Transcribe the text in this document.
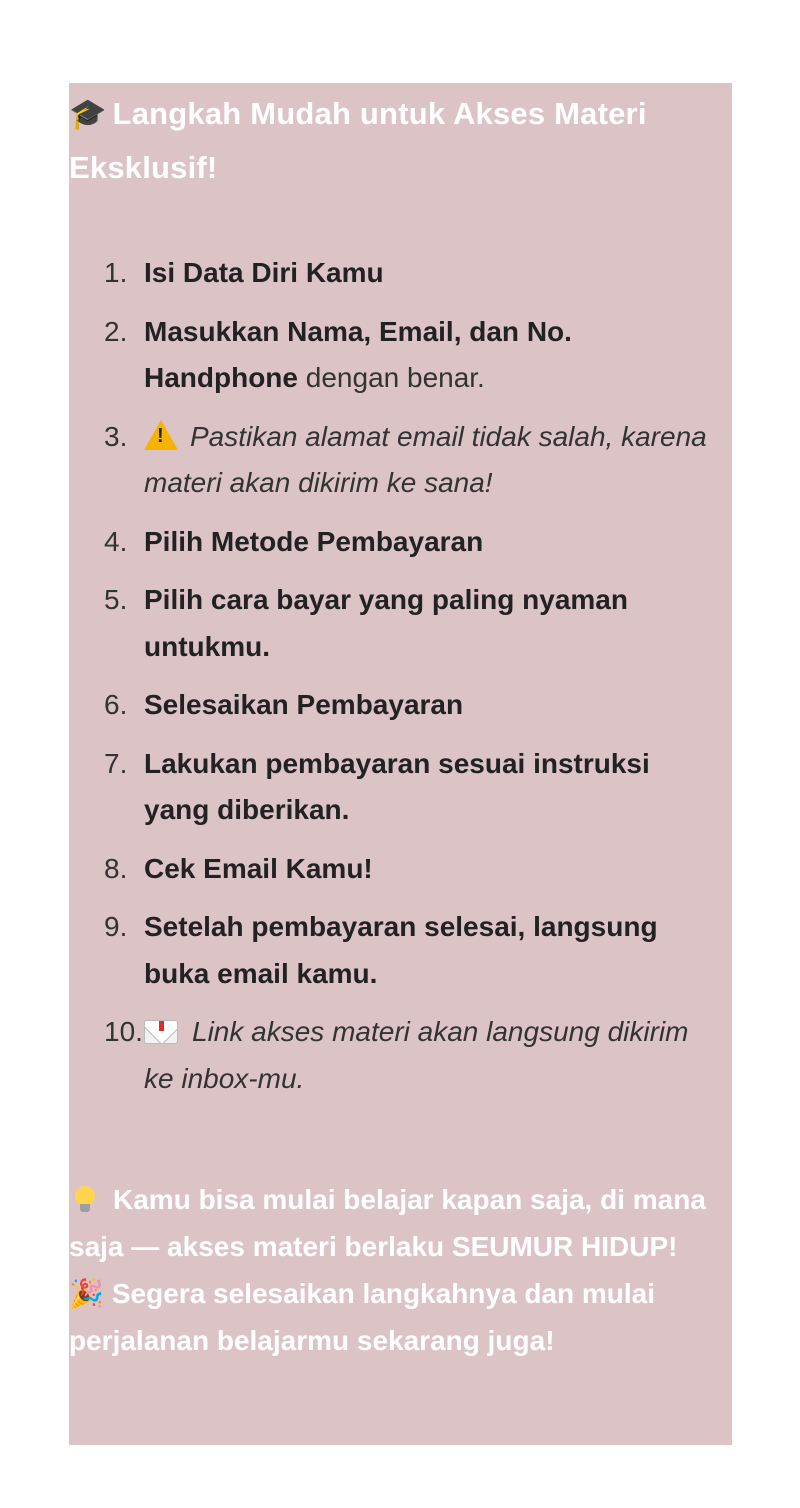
🎓 Langkah Mudah untuk Akses Materi Eksklusif!
1. Isi Data Diri Kamu
2. Masukkan Nama, Email, dan No. Handphone dengan benar.
3.
! Pastikan alamat email tidak salah, karena materi akan dikirim ke sana!
4. Pilih Metode Pembayaran
5. Pilih cara bayar yang paling nyaman untukmu.
6. Selesaikan Pembayaran
7. Lakukan pembayaran sesuai instruksi yang diberikan.
8. Cek Email Kamu!
9. Setelah pembayaran selesai, langsung buka email kamu.
10. Link akses materi akan langsung dikirim ke inbox-mu.

Kamu bisa mulai belajar kapan saja, di mana saja — akses materi berlaku SEUMUR HIDUP!

🎉 Segera selesaikan langkahnya dan mulai perjalanan belajarmu sekarang juga!
